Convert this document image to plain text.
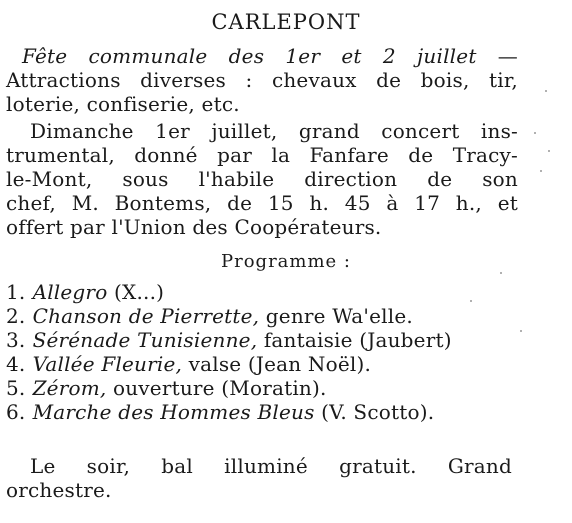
CARLEPONT
Fête communale des 1er et 2 juillet —
Attractions diverses : chevaux de bois, tir,
loterie, confiserie, etc.
Dimanche 1er juillet, grand concert ins-
trumental, donné par la Fanfare de Tracy-
le-Mont, sous l'habile direction de son
chef, M. Bontems, de 15 h. 45 à 17 h., et
offert par l'Union des Coopérateurs.
Programme :
1. Allegro (X...)
2. Chanson de Pierrette, genre Wa'elle.
3. Sérénade Tunisienne, fantaisie (Jaubert)
4. Vallée Fleurie, valse (Jean Noël).
5. Zérom, ouverture (Moratin).
6. Marche des Hommes Bleus (V. Scotto).
Le soir, bal illuminé gratuit. Grand
orchestre.
